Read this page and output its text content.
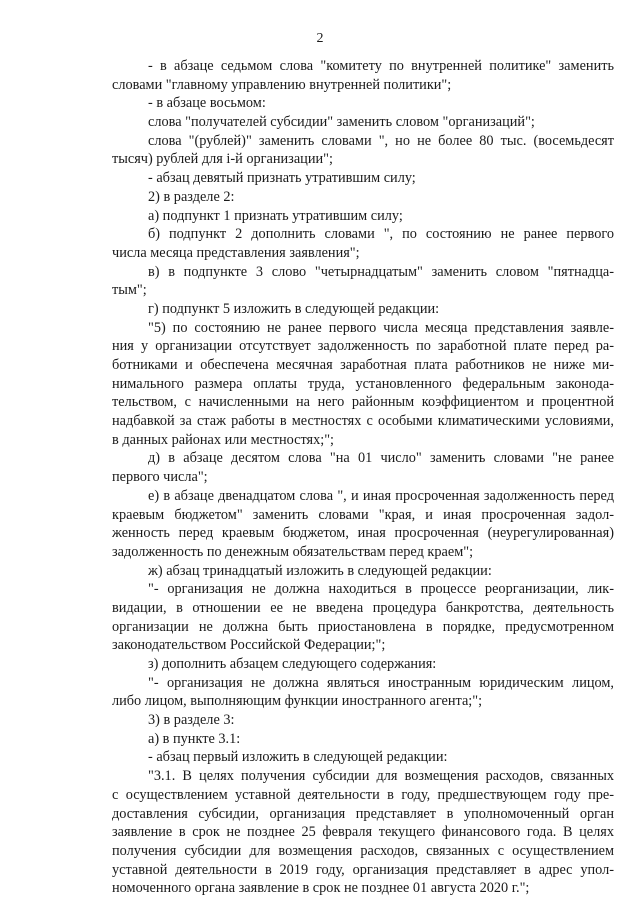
2
- в абзаце седьмом слова "комитету по внутренней политике" заменить
словами "главному управлению внутренней политики";
- в абзаце восьмом:
слова "получателей субсидии" заменить словом "организаций";
слова "(рублей)" заменить словами ", но не более 80 тыс. (восемьдесят
тысяч) рублей для i-й организации";
- абзац девятый признать утратившим силу;
2) в разделе 2:
а) подпункт 1 признать утратившим силу;
б) подпункт 2 дополнить словами ", по состоянию не ранее первого
числа месяца представления заявления";
в) в подпункте 3 слово "четырнадцатым" заменить словом "пятнадца-
тым";
г) подпункт 5 изложить в следующей редакции:
"5) по состоянию не ранее первого числа месяца представления заявле-
ния у организации отсутствует задолженность по заработной плате перед ра-
ботниками и обеспечена месячная заработная плата работников не ниже ми-
нимального размера оплаты труда, установленного федеральным законода-
тельством, с начисленными на него районным коэффициентом и процентной
надбавкой за стаж работы в местностях с особыми климатическими условиями,
в данных районах или местностях;";
д) в абзаце десятом слова "на 01 число" заменить словами "не ранее
первого числа";
е) в абзаце двенадцатом слова ", и иная просроченная задолженность перед
краевым бюджетом" заменить словами "края, и иная просроченная задол-
женность перед краевым бюджетом, иная просроченная (неурегулированная)
задолженность по денежным обязательствам перед краем";
ж) абзац тринадцатый изложить в следующей редакции:
"- организация не должна находиться в процессе реорганизации, лик-
видации, в отношении ее не введена процедура банкротства, деятельность
организации не должна быть приостановлена в порядке, предусмотренном
законодательством Российской Федерации;";
з) дополнить абзацем следующего содержания:
"- организация не должна являться иностранным юридическим лицом,
либо лицом, выполняющим функции иностранного агента;";
3) в разделе 3:
а) в пункте 3.1:
- абзац первый изложить в следующей редакции:
"3.1. В целях получения субсидии для возмещения расходов, связанных
с осуществлением уставной деятельности в году, предшествующем году пре-
доставления субсидии, организация представляет в уполномоченный орган
заявление в срок не позднее 25 февраля текущего финансового года. В целях
получения субсидии для возмещения расходов, связанных с осуществлением
уставной деятельности в 2019 году, организация представляет в адрес упол-
номоченного органа заявление в срок не позднее 01 августа 2020 г.";
